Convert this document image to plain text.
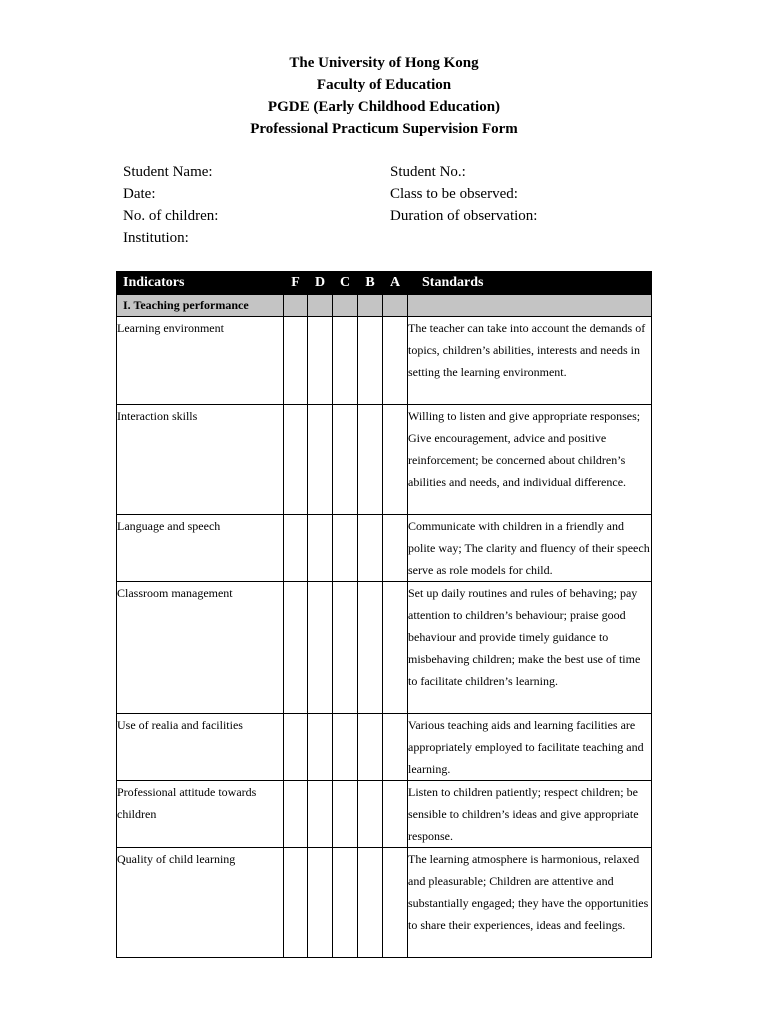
The University of Hong Kong
Faculty of Education
PGDE (Early Childhood Education)
Professional Practicum Supervision Form
Student Name:
Date:
No. of children:
Institution:
Student No.:
Class to be observed:
Duration of observation:
Indicators	F	D	C	B	A	Standards
I. Teaching performance						
Learning environment						The teacher can take into account the demands of topics, children’s abilities, interests and needs in setting the learning environment.
Interaction skills						Willing to listen and give appropriate responses; Give encouragement, advice and positive reinforcement; be concerned about children’s abilities and needs, and individual difference.
Language and speech						Communicate with children in a friendly and polite way; The clarity and fluency of their speech serve as role models for child.
Classroom management						Set up daily routines and rules of behaving; pay attention to children’s behaviour; praise good behaviour and provide timely guidance to misbehaving children; make the best use of time to facilitate children’s learning.
Use of realia and facilities						Various teaching aids and learning facilities are appropriately employed to facilitate teaching and learning.
Professional attitude towards children						Listen to children patiently; respect children; be sensible to children’s ideas and give appropriate response.
Quality of child learning						The learning atmosphere is harmonious, relaxed and pleasurable; Children are attentive and substantially engaged; they have the opportunities to share their experiences, ideas and feelings.
